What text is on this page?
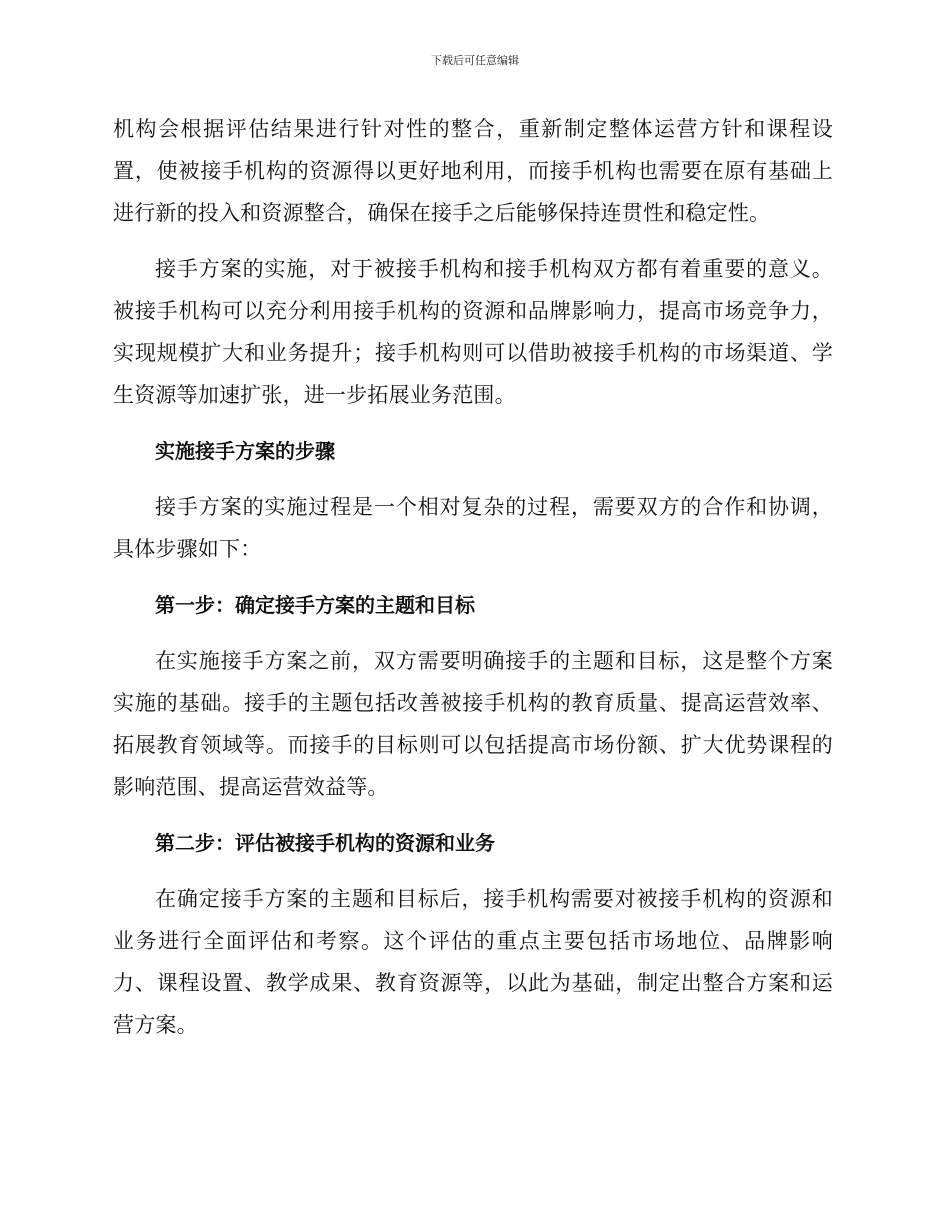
下载后可任意编辑

机构会根据评估结果进行针对性的整合，重新制定整体运营方针和课程设置，使被接手机构的资源得以更好地利用，而接手机构也需要在原有基础上进行新的投入和资源整合，确保在接手之后能够保持连贯性和稳定性。

接手方案的实施，对于被接手机构和接手机构双方都有着重要的意义。被接手机构可以充分利用接手机构的资源和品牌影响力，提高市场竞争力，实现规模扩大和业务提升；接手机构则可以借助被接手机构的市场渠道、学生资源等加速扩张，进一步拓展业务范围。

实施接手方案的步骤

接手方案的实施过程是一个相对复杂的过程，需要双方的合作和协调，具体步骤如下：

第一步：确定接手方案的主题和目标

在实施接手方案之前，双方需要明确接手的主题和目标，这是整个方案实施的基础。接手的主题包括改善被接手机构的教育质量、提高运营效率、拓展教育领域等。而接手的目标则可以包括提高市场份额、扩大优势课程的影响范围、提高运营效益等。

第二步：评估被接手机构的资源和业务

在确定接手方案的主题和目标后，接手机构需要对被接手机构的资源和业务进行全面评估和考察。这个评估的重点主要包括市场地位、品牌影响力、课程设置、教学成果、教育资源等，以此为基础，制定出整合方案和运营方案。
